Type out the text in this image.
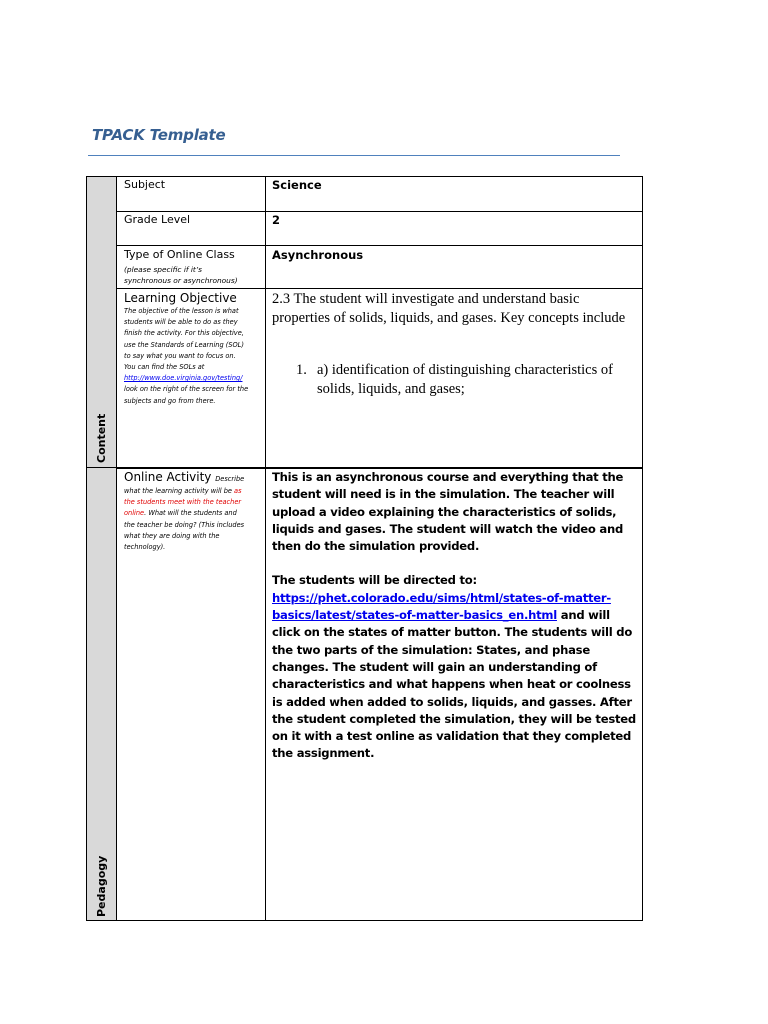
TPACK Template
Content
Pedagogy
Subject	Science
Grade Level	2
Type of Online Class
(please specific if it’s
synchronous or asynchronous)
Asynchronous
Learning Objective
The objective of the lesson is what
students will be able to do as they
finish the activity. For this objective,
use the Standards of Learning (SOL)
to say what you want to focus on.
You can find the SOLs at
http://www.doe.virginia.gov/testing/
look on the right of the screen for the
subjects and go from there.
2.3 The student will investigate and understand basic properties of solids, liquids, and gases. Key concepts include
1. a) identification of distinguishing characteristics of solids, liquids, and gases;
Online Activity Describe
what the learning activity will be as
the students meet with the teacher
online. What will the students and
the teacher be doing? (This includes
what they are doing with the
technology).

This is an asynchronous course and everything that the student will need is in the simulation. The teacher will upload a video explaining the characteristics of solids, liquids and gases. The student will watch the video and then do the simulation provided.

The students will be directed to:

https://phet.colorado.edu/sims/html/states-of-matter-basics/latest/states-of-matter-basics_en.html and will click on the states of matter button. The students will do the two parts of the simulation: States, and phase changes. The student will gain an understanding of characteristics and what happens when heat or coolness is added when added to solids, liquids, and gasses. After the student completed the simulation, they will be tested on it with a test online as validation that they completed the assignment.
